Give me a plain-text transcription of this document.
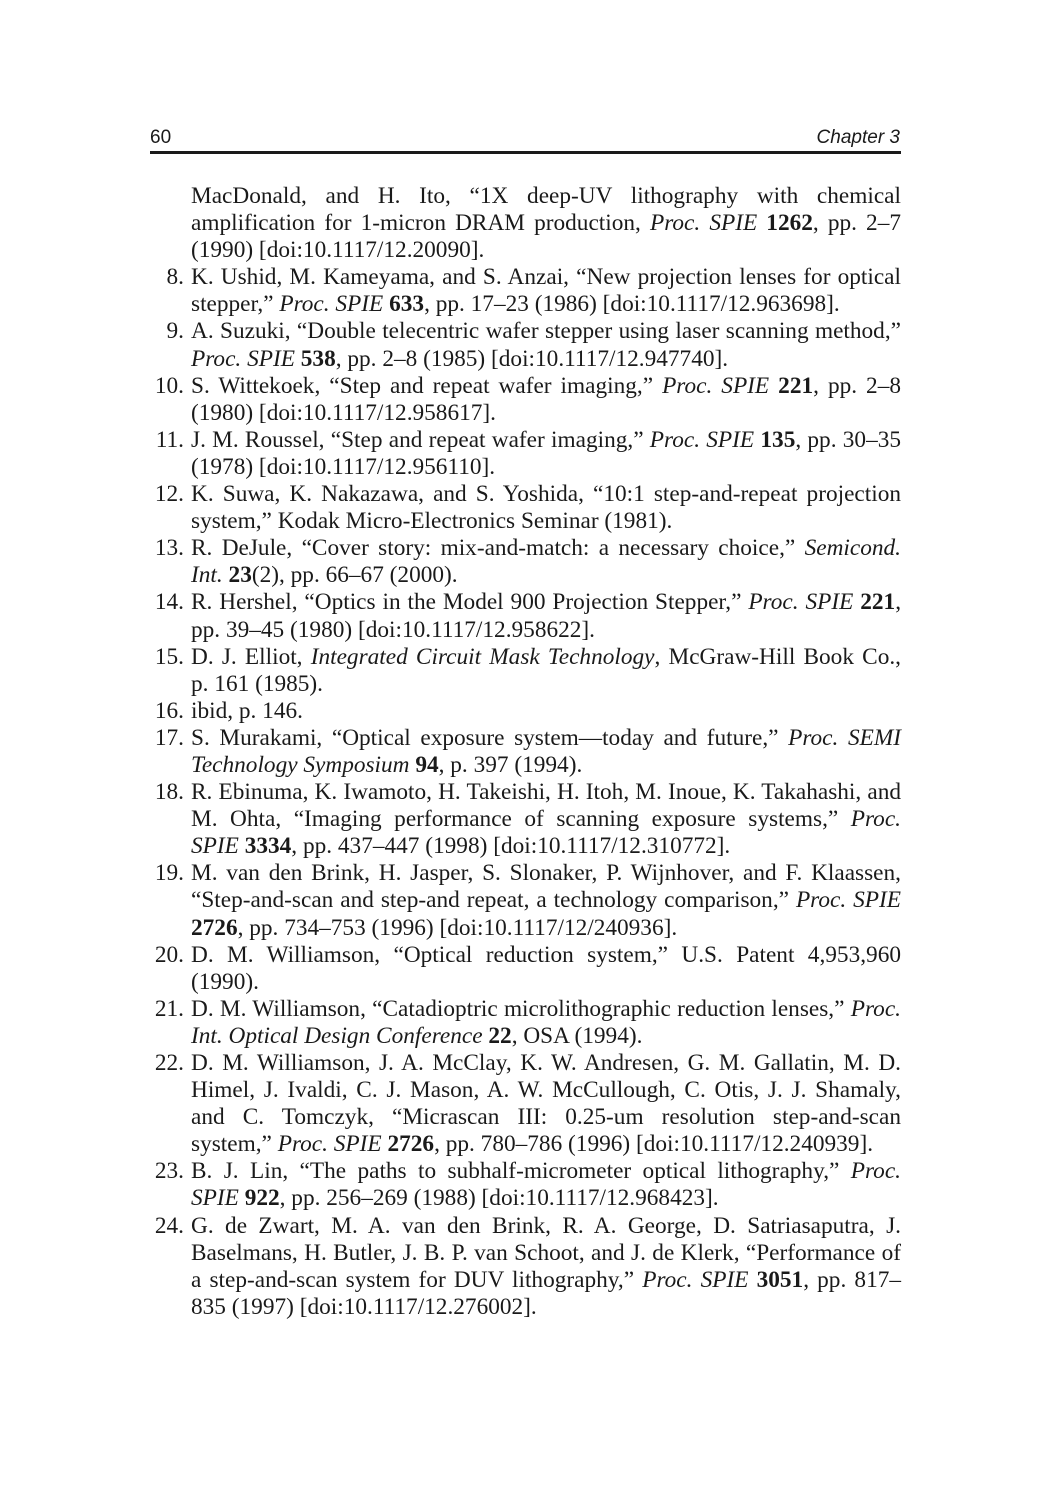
60	Chapter 3
MacDonald, and H. Ito, “1X deep-UV lithography with chemical amplification for 1-micron DRAM production, Proc. SPIE 1262, pp. 2–7 (1990) [doi:10.1117/12.20090].
8. K. Ushid, M. Kameyama, and S. Anzai, “New projection lenses for optical stepper,” Proc. SPIE 633, pp. 17–23 (1986) [doi:10.1117/12.963698].
9. A. Suzuki, “Double telecentric wafer stepper using laser scanning method,” Proc. SPIE 538, pp. 2–8 (1985) [doi:10.1117/12.947740].
10. S. Wittekoek, “Step and repeat wafer imaging,” Proc. SPIE 221, pp. 2–8 (1980) [doi:10.1117/12.958617].
11. J. M. Roussel, “Step and repeat wafer imaging,” Proc. SPIE 135, pp. 30–35 (1978) [doi:10.1117/12.956110].
12. K. Suwa, K. Nakazawa, and S. Yoshida, “10:1 step-and-repeat projection system,” Kodak Micro-Electronics Seminar (1981).
13. R. DeJule, “Cover story: mix-and-match: a necessary choice,” Semicond. Int. 23(2), pp. 66–67 (2000).
14. R. Hershel, “Optics in the Model 900 Projection Stepper,” Proc. SPIE 221, pp. 39–45 (1980) [doi:10.1117/12.958622].
15. D. J. Elliot, Integrated Circuit Mask Technology, McGraw-Hill Book Co., p. 161 (1985).
16. ibid, p. 146.
17. S. Murakami, “Optical exposure system—today and future,” Proc. SEMI Technology Symposium 94, p. 397 (1994).
18. R. Ebinuma, K. Iwamoto, H. Takeishi, H. Itoh, M. Inoue, K. Takahashi, and M. Ohta, “Imaging performance of scanning exposure systems,” Proc. SPIE 3334, pp. 437–447 (1998) [doi:10.1117/12.310772].
19. M. van den Brink, H. Jasper, S. Slonaker, P. Wijnhover, and F. Klaassen, “Step-and-scan and step-and repeat, a technology comparison,” Proc. SPIE 2726, pp. 734–753 (1996) [doi:10.1117/12/240936].
20. D. M. Williamson, “Optical reduction system,” U.S. Patent 4,953,960 (1990).
21. D. M. Williamson, “Catadioptric microlithographic reduction lenses,” Proc. Int. Optical Design Conference 22, OSA (1994).
22. D. M. Williamson, J. A. McClay, K. W. Andresen, G. M. Gallatin, M. D. Himel, J. Ivaldi, C. J. Mason, A. W. McCullough, C. Otis, J. J. Shamaly, and C. Tomczyk, “Micrascan III: 0.25-um resolution step-and-scan system,” Proc. SPIE 2726, pp. 780–786 (1996) [doi:10.1117/12.240939].
23. B. J. Lin, “The paths to subhalf-micrometer optical lithography,” Proc. SPIE 922, pp. 256–269 (1988) [doi:10.1117/12.968423].
24. G. de Zwart, M. A. van den Brink, R. A. George, D. Satriasaputra, J. Baselmans, H. Butler, J. B. P. van Schoot, and J. de Klerk, “Performance of a step-and-scan system for DUV lithography,” Proc. SPIE 3051, pp. 817–835 (1997) [doi:10.1117/12.276002].
